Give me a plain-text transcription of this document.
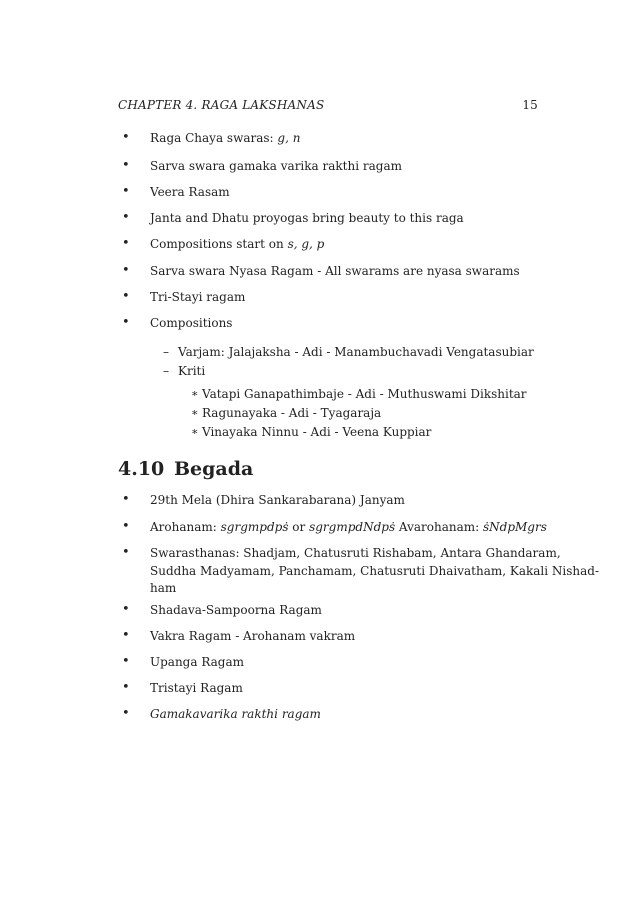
CHAPTER 4. RAGA LAKSHANAS	15
•
Raga Chaya swaras: g, n
•
Sarva swara gamaka varika rakthi ragam
•
Veera Rasam
•
Janta and Dhatu proyogas bring beauty to this raga
•
Compositions start on s, g, p
•
Sarva swara Nyasa Ragam - All swarams are nyasa swarams
•
Tri-Stayi ragam
•
Compositions
–
Varjam: Jalajaksha - Adi - Manambuchavadi Vengatasubiar
–
Kriti
∗
Vatapi Ganapathimbaje - Adi - Muthuswami Dikshitar
∗
Ragunayaka - Adi - Tyagaraja
∗
Vinayaka Ninnu - Adi - Veena Kuppiar
4.10 Begada
•
29th Mela (Dhira Sankarabarana) Janyam
•
Arohanam: sgrgmpdpṡ or sgrgmpdNdpṡ Avarohanam: ṡNdpMgrs
•
Swarasthanas: Shadjam, Chatusruti Rishabam, Antara Ghandaram,
Suddha Madyamam, Panchamam, Chatusruti Dhaivatham, Kakali Nishad-
ham
•
Shadava-Sampoorna Ragam
•
Vakra Ragam - Arohanam vakram
•
Upanga Ragam
•
Tristayi Ragam
•
Gamakavarika rakthi ragam
